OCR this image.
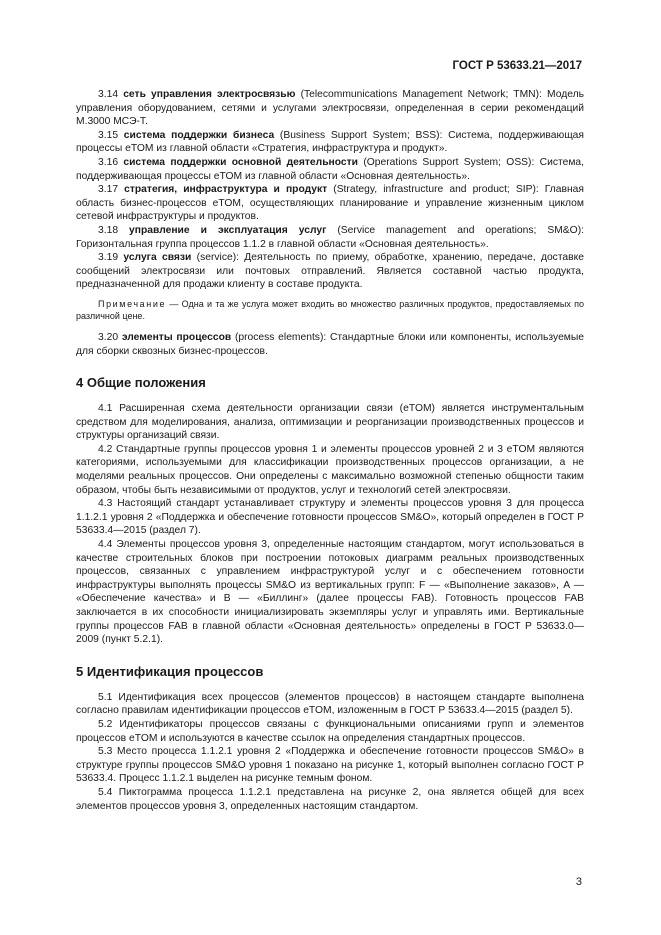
ГОСТ Р 53633.21—2017

3.14 сеть управления электросвязью (Telecommunications Management Network; TMN): Модель управления оборудованием, сетями и услугами электросвязи, определенная в серии рекомендаций М.3000 МСЭ-Т.

3.15 система поддержки бизнеса (Business Support System; BSS): Система, поддерживающая процессы eTOM из главной области «Стратегия, инфраструктура и продукт».

3.16 система поддержки основной деятельности (Operations Support System; OSS): Система, поддерживающая процессы eTOM из главной области «Основная деятельность».

3.17 стратегия, инфраструктура и продукт (Strategy, infrastructure and product; SIP): Главная область бизнес-процессов eTOM, осуществляющих планирование и управление жизненным циклом сетевой инфраструктуры и продуктов.

3.18 управление и эксплуатация услуг (Service management and operations; SM&O): Горизонтальная группа процессов 1.1.2 в главной области «Основная деятельность».

3.19 услуга связи (service): Деятельность по приему, обработке, хранению, передаче, доставке сообщений электросвязи или почтовых отправлений. Является составной частью продукта, предназначенной для продажи клиенту в составе продукта.

Примечание — Одна и та же услуга может входить во множество различных продуктов, предоставляемых по различной цене.

3.20 элементы процессов (process elements): Стандартные блоки или компоненты, используемые для сборки сквозных бизнес-процессов.

4 Общие положения

4.1 Расширенная схема деятельности организации связи (eTOM) является инструментальным средством для моделирования, анализа, оптимизации и реорганизации производственных процессов и структуры организаций связи.

4.2 Стандартные группы процессов уровня 1 и элементы процессов уровней 2 и 3 eTOM являются категориями, используемыми для классификации производственных процессов организации, а не моделями реальных процессов. Они определены с максимально возможной степенью общности таким образом, чтобы быть независимыми от продуктов, услуг и технологий сетей электросвязи.

4.3 Настоящий стандарт устанавливает структуру и элементы процессов уровня 3 для процесса 1.1.2.1 уровня 2 «Поддержка и обеспечение готовности процессов SM&O», который определен в ГОСТ Р 53633.4—2015 (раздел 7).

4.4 Элементы процессов уровня 3, определенные настоящим стандартом, могут использоваться в качестве строительных блоков при построении потоковых диаграмм реальных производственных процессов, связанных с управлением инфраструктурой услуг и с обеспечением готовности инфраструктуры выполнять процессы SM&O из вертикальных групп: F — «Выполнение заказов», A — «Обеспечение качества» и B — «Биллинг» (далее процессы FAB). Готовность процессов FAB заключается в их способности инициализировать экземпляры услуг и управлять ими. Вертикальные группы процессов FAB в главной области «Основная деятельность» определены в ГОСТ Р 53633.0—2009 (пункт 5.2.1).

5 Идентификация процессов

5.1 Идентификация всех процессов (элементов процессов) в настоящем стандарте выполнена согласно правилам идентификации процессов eTOM, изложенным в ГОСТ Р 53633.4—2015 (раздел 5).

5.2 Идентификаторы процессов связаны с функциональными описаниями групп и элементов процессов eTOM и используются в качестве ссылок на определения стандартных процессов.

5.3 Место процесса 1.1.2.1 уровня 2 «Поддержка и обеспечение готовности процессов SM&O» в структуре группы процессов SM&O уровня 1 показано на рисунке 1, который выполнен согласно ГОСТ Р 53633.4. Процесс 1.1.2.1 выделен на рисунке темным фоном.

5.4 Пиктограмма процесса 1.1.2.1 представлена на рисунке 2, она является общей для всех элементов процессов уровня 3, определенных настоящим стандартом.

3
